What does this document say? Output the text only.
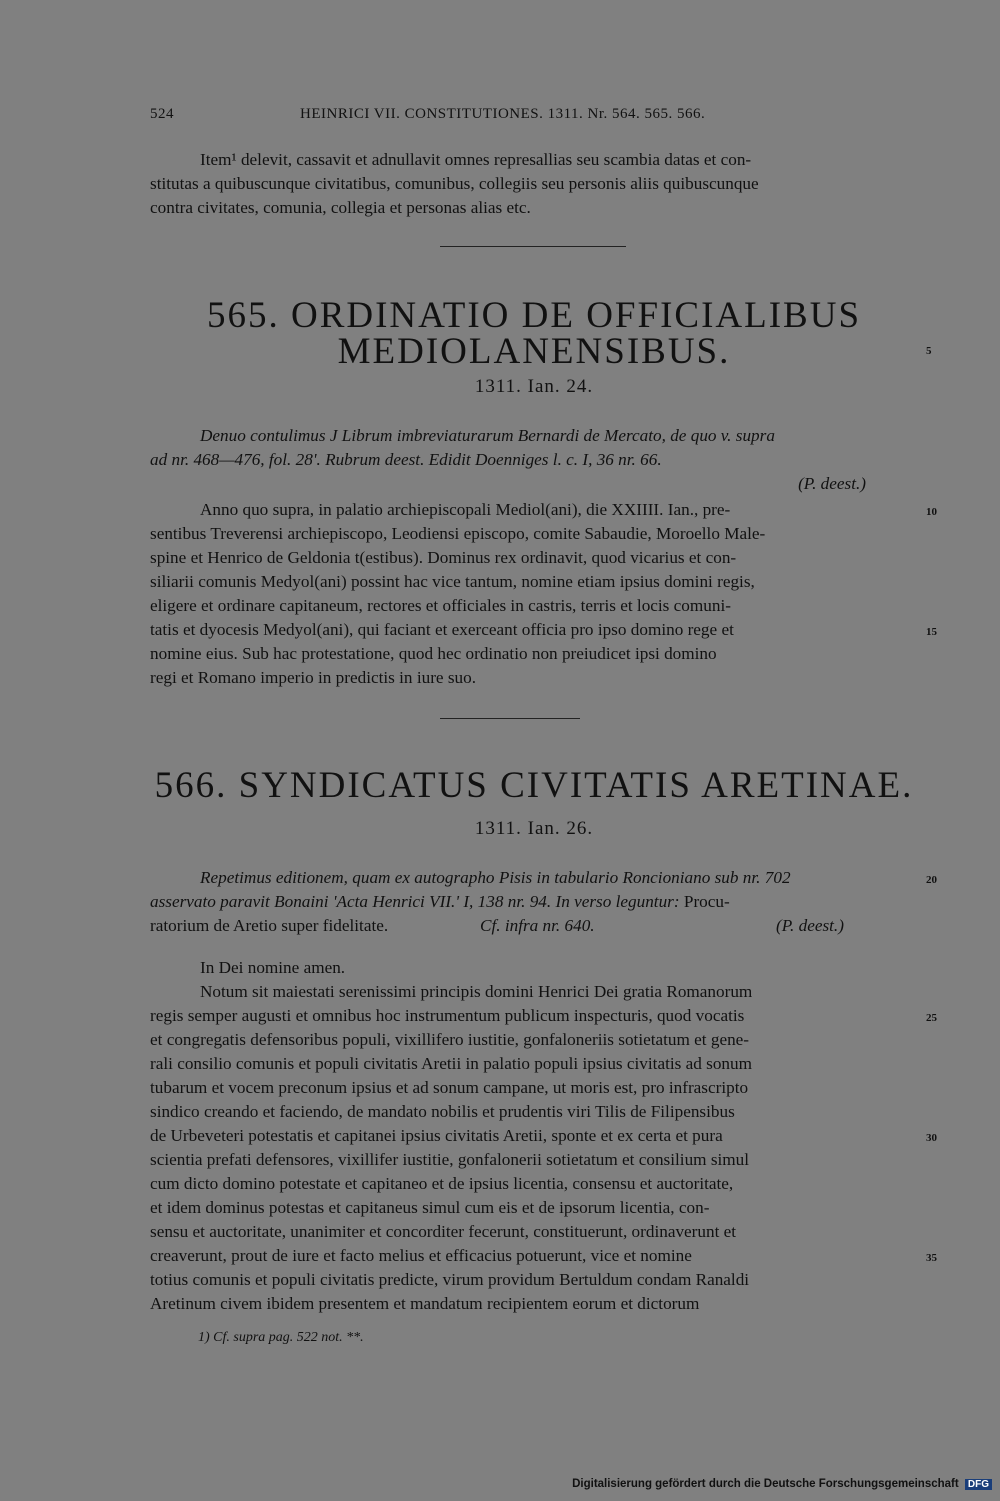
524	HEINRICI VII. CONSTITUTIONES. 1311. Nr. 564. 565. 566.
Item¹ delevit, cassavit et adnullavit omnes represallias seu scambia datas et con-
stitutas a quibuscunque civitatibus, comunibus, collegiis seu personis aliis quibuscunque
contra civitates, comunia, collegia et personas alias etc.
565. ORDINATIO DE OFFICIALIBUS
MEDIOLANENSIBUS.	5
1311. Ian. 24.
Denuo contulimus J Librum imbreviaturarum Bernardi de Mercato, de quo v. supra
ad nr. 468—476, fol. 28'. Rubrum deest. Edidit Doenniges l. c. I, 36 nr. 66.
(P. deest.)
Anno quo supra, in palatio archiepiscopali Mediol(ani), die XXIIII. Ian., pre-
sentibus Treverensi archiepiscopo, Leodiensi episcopo, comite Sabaudie, Moroello Male-
spine et Henrico de Geldonia t(estibus). Dominus rex ordinavit, quod vicarius et con-
siliarii comunis Medyol(ani) possint hac vice tantum, nomine etiam ipsius domini regis,
eligere et ordinare capitaneum, rectores et officiales in castris, terris et locis comuni-
tatis et dyocesis Medyol(ani), qui faciant et exerceant officia pro ipso domino rege et
nomine eius. Sub hac protestatione, quod hec ordinatio non preiudicet ipsi domino
regi et Romano imperio in predictis in iure suo.
10
15
566. SYNDICATUS CIVITATIS ARETINAE.
1311. Ian. 26.
Repetimus editionem, quam ex autographo Pisis in tabulario Roncioniano sub nr. 702
asservato paravit Bonaini 'Acta Henrici VII.' I, 138 nr. 94. In verso leguntur: Procu-
ratorium de Aretio super fidelitate.	Cf. infra nr. 640.	(P. deest.)
20
In Dei nomine amen.
Notum sit maiestati serenissimi principis domini Henrici Dei gratia Romanorum
regis semper augusti et omnibus hoc instrumentum publicum inspecturis, quod vocatis
et congregatis defensoribus populi, vixillifero iustitie, gonfaloneriis sotietatum et gene-
rali consilio comunis et populi civitatis Aretii in palatio populi ipsius civitatis ad sonum
tubarum et vocem preconum ipsius et ad sonum campane, ut moris est, pro infrascripto
sindico creando et faciendo, de mandato nobilis et prudentis viri Tilis de Filipensibus
de Urbeveteri potestatis et capitanei ipsius civitatis Aretii, sponte et ex certa et pura
scientia prefati defensores, vixillifer iustitie, gonfalonerii sotietatum et consilium simul
cum dicto domino potestate et capitaneo et de ipsius licentia, consensu et auctoritate,
et idem dominus potestas et capitaneus simul cum eis et de ipsorum licentia, con-
sensu et auctoritate, unanimiter et concorditer fecerunt, constituerunt, ordinaverunt et
creaverunt, prout de iure et facto melius et efficacius potuerunt, vice et nomine
totius comunis et populi civitatis predicte, virum providum Bertuldum condam Ranaldi
Aretinum civem ibidem presentem et mandatum recipientem eorum et dictorum
25
30
35
1) Cf. supra pag. 522 not. **.
Digitalisierung gefördert durch die Deutsche Forschungsgemeinschaft DFG
